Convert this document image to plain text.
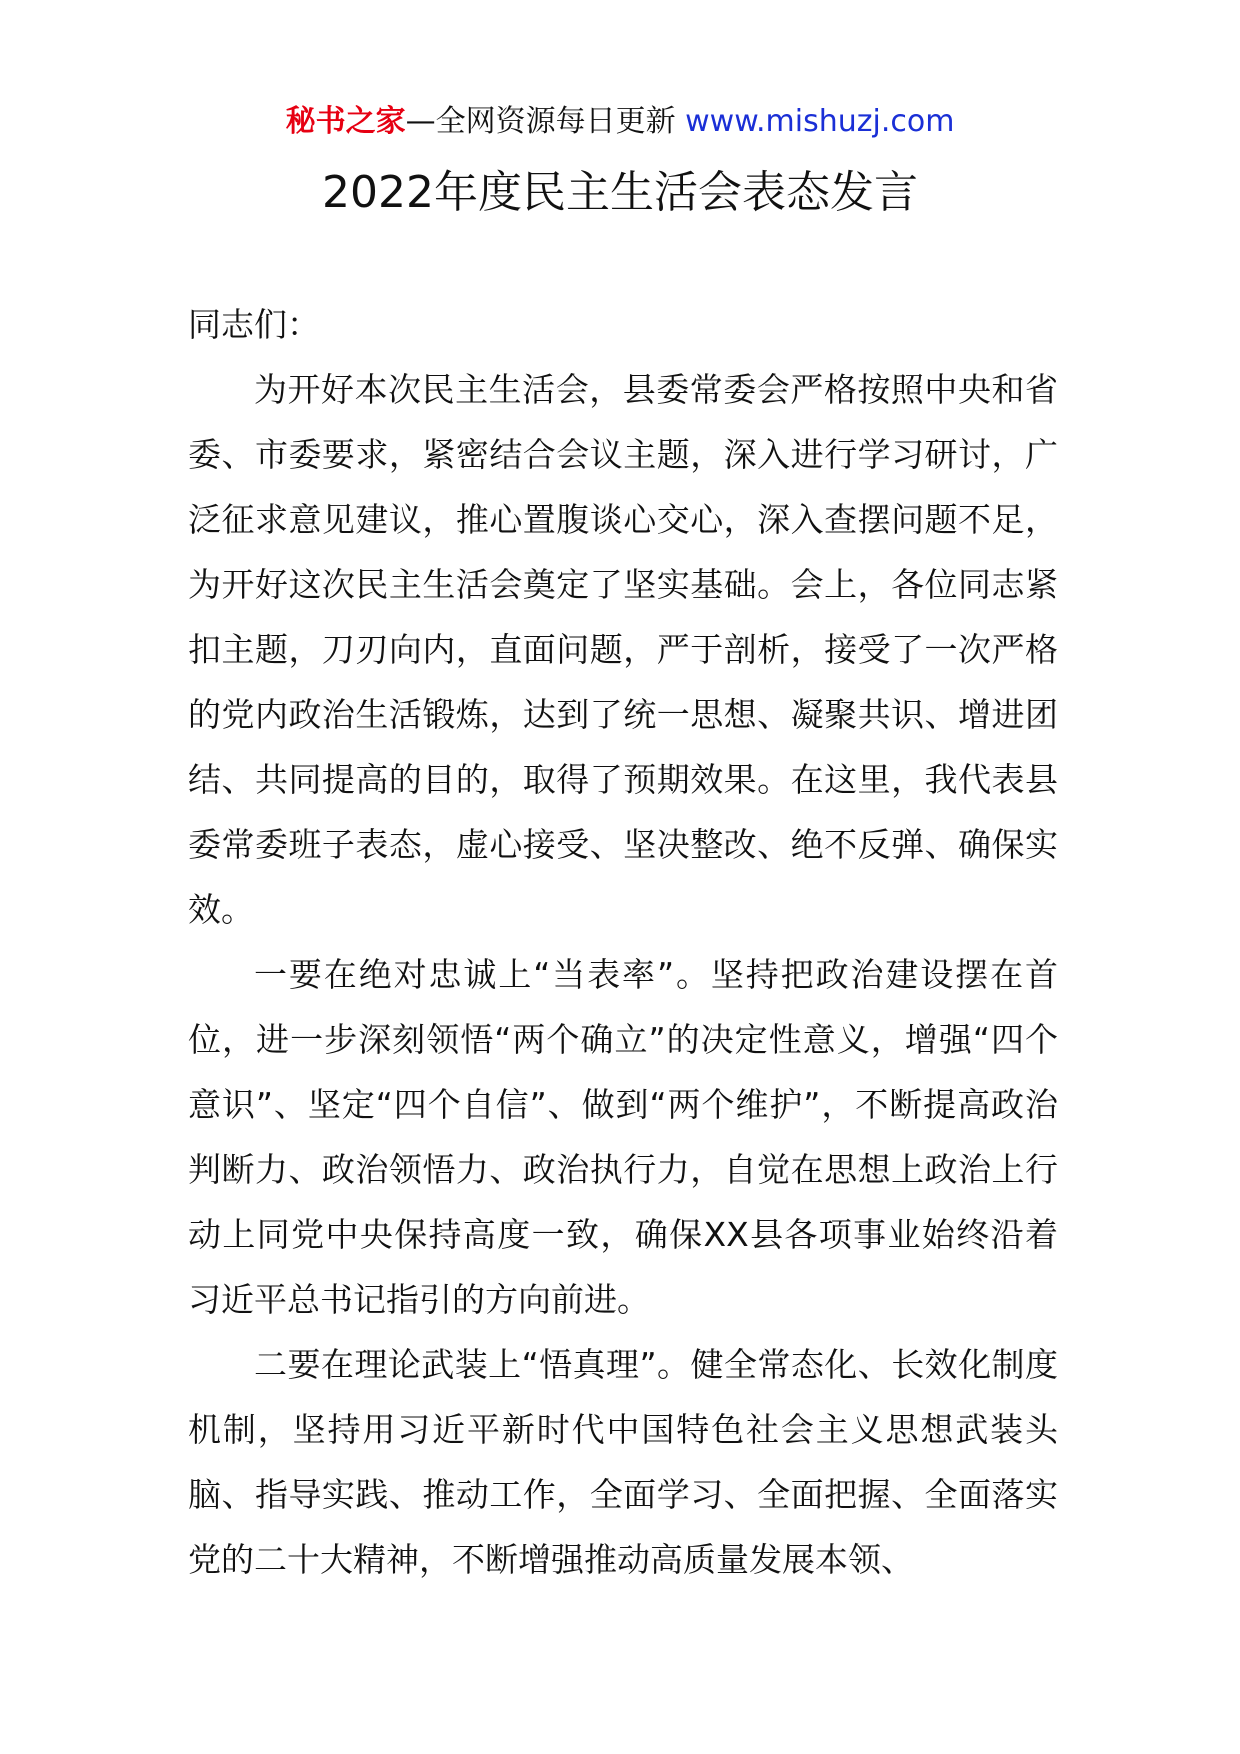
秘书之家—全网资源每日更新 www.mishuzj.com
2022年度民主生活会表态发言

同志们：

为开好本次民主生活会，县委常委会严格按照中央和省委、市委要求，紧密结合会议主题，深入进行学习研讨，广泛征求意见建议，推心置腹谈心交心，深入查摆问题不足，为开好这次民主生活会奠定了坚实基础。会上，各位同志紧扣主题，刀刃向内，直面问题，严于剖析，接受了一次严格的党内政治生活锻炼，达到了统一思想、凝聚共识、增进团结、共同提高的目的，取得了预期效果。在这里，我代表县委常委班子表态，虚心接受、坚决整改、绝不反弹、确保实效。

一要在绝对忠诚上“当表率”。坚持把政治建设摆在首位，进一步深刻领悟“两个确立”的决定性意义，增强“四个意识”、坚定“四个自信”、做到“两个维护”，不断提高政治判断力、政治领悟力、政治执行力，自觉在思想上政治上行动上同党中央保持高度一致，确保XX县各项事业始终沿着习近平总书记指引的方向前进。

二要在理论武装上“悟真理”。健全常态化、长效化制度机制，坚持用习近平新时代中国特色社会主义思想武装头脑、指导实践、推动工作，全面学习、全面把握、全面落实党的二十大精神，不断增强推动高质量发展本领、
